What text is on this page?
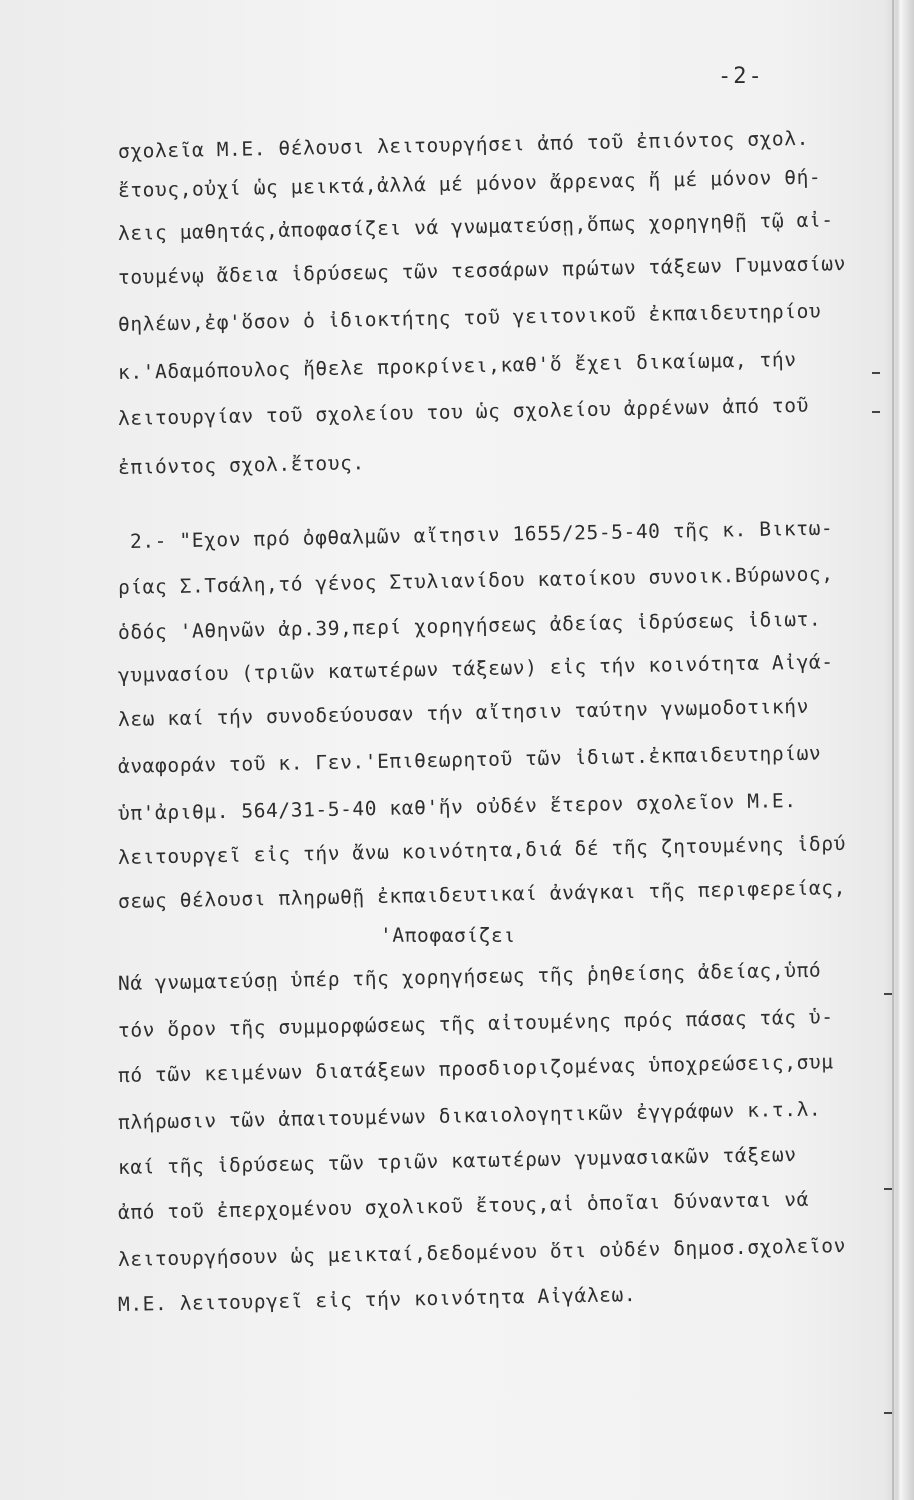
-2-
σχολεῖα Μ.Ε. θέλουσι λειτουργήσει ἀπό τοῦ ἐπιόντος σχολ.
ἔτους,οὐχί ὡς μεικτά,ἀλλά μέ μόνον ἄρρενας ἤ μέ μόνον θή-
λεις μαθητάς,ἀποφασίζει νά γνωματεύσῃ,ὅπως χορηγηθῇ τῷ αἰ-
τουμένῳ ἄδεια ἱδρύσεως τῶν τεσσάρων πρώτων τάξεων Γυμνασίων
θηλέων,ἐφ'ὅσον ὁ ἰδιοκτήτης τοῦ γειτονικοῦ ἐκπαιδευτηρίου
κ.'Αδαμόπουλος ἤθελε προκρίνει,καθ'ὅ ἔχει δικαίωμα, τήν
λειτουργίαν τοῦ σχολείου του ὡς σχολείου ἀρρένων ἀπό τοῦ
ἐπιόντος σχολ.ἔτους.
2.- "Εχον πρό ὀφθαλμῶν αἴτησιν 1655/25-5-40 τῆς κ. Βικτω-
ρίας Σ.Τσάλη,τό γένος Στυλιανίδου κατοίκου συνοικ.Βύρωνος,
ὁδός 'Αθηνῶν ἀρ.39,περί χορηγήσεως ἀδείας ἱδρύσεως ἰδιωτ.
γυμνασίου (τριῶν κατωτέρων τάξεων) εἰς τήν κοινότητα Αἰγά-
λεω καί τήν συνοδεύουσαν τήν αἴτησιν ταύτην γνωμοδοτικήν
ἀναφοράν τοῦ κ. Γεν.'Επιθεωρητοῦ τῶν ἰδιωτ.ἐκπαιδευτηρίων
ὑπ'ἀριθμ. 564/31-5-40 καθ'ἥν οὐδέν ἕτερον σχολεῖον Μ.Ε.
λειτουργεῖ εἰς τήν ἄνω κοινότητα,διά δέ τῆς ζητουμένης ἱδρύ
σεως θέλουσι πληρωθῇ ἐκπαιδευτικαί ἀνάγκαι τῆς περιφερείας,
'Αποφασίζει
Νά γνωματεύσῃ ὑπέρ τῆς χορηγήσεως τῆς ῥηθείσης ἀδείας,ὑπό
τόν ὅρον τῆς συμμορφώσεως τῆς αἰτουμένης πρός πάσας τάς ὑ-
πό τῶν κειμένων διατάξεων προσδιοριζομένας ὑποχρεώσεις,συμ
πλήρωσιν τῶν ἀπαιτουμένων δικαιολογητικῶν ἐγγράφων κ.τ.λ.
καί τῆς ἱδρύσεως τῶν τριῶν κατωτέρων γυμνασιακῶν τάξεων
ἀπό τοῦ ἐπερχομένου σχολικοῦ ἔτους,αἱ ὁποῖαι δύνανται νά
λειτουργήσουν ὡς μεικταί,δεδομένου ὅτι οὐδέν δημοσ.σχολεῖον
Μ.Ε. λειτουργεῖ εἰς τήν κοινότητα Αἰγάλεω.
